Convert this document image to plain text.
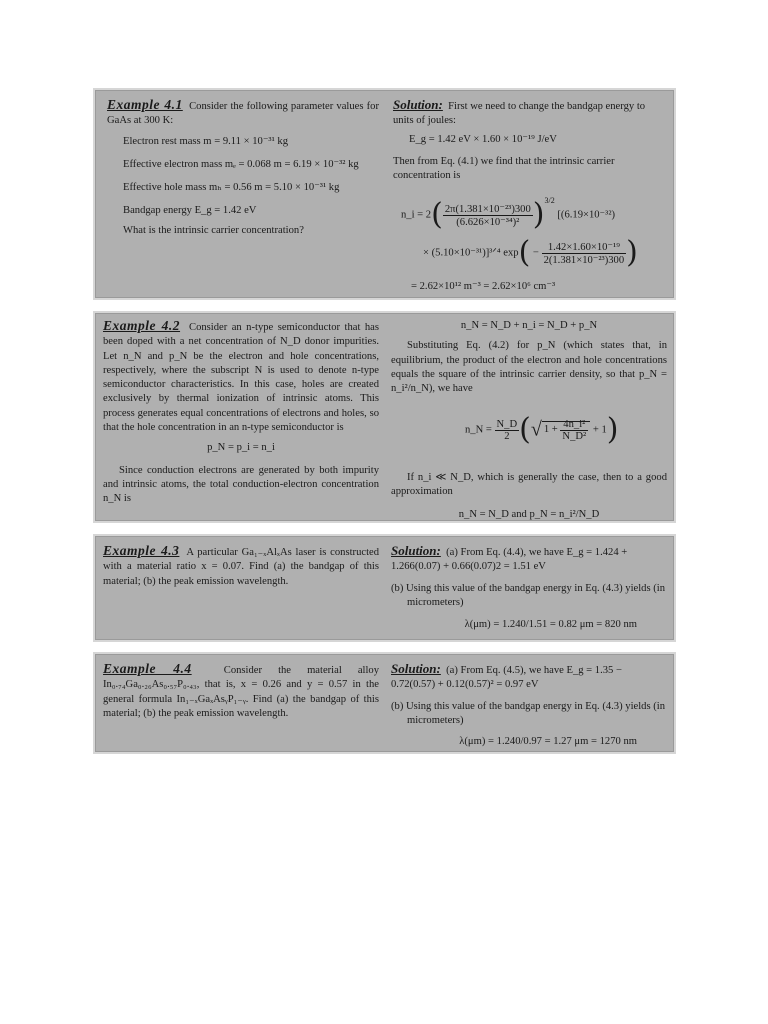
Example 4.1 Consider the following parameter values for GaAs at 300 K:
Electron rest mass m = 9.11 × 10⁻³¹ kg
Effective electron mass mₑ = 0.068 m = 6.19 × 10⁻³² kg
Effective hole mass mₕ = 0.56 m = 5.10 × 10⁻³¹ kg
Bandgap energy E_g = 1.42 eV
What is the intrinsic carrier concentration?
Solution: First we need to change the bandgap energy to units of joules:
E_g = 1.42 eV × 1.60 × 10⁻¹⁹ J/eV
Then from Eq. (4.1) we find that the intrinsic carrier concentration is
n_i = $2( \frac{\text{2π(1.381×10⁻²³)300}}{\text{(6.626×10⁻³⁴)²}} )^{3/2}$ [(6.19×10⁻³²)
× (5.10×10⁻³¹)]³ᐟ⁴ $\exp( - \frac{\text{1.42×1.60×10⁻¹⁹}}{\text{2(1.381×10⁻²³)300}}$ )
= 2.62×10¹² m⁻³ = 2.62×10⁶ cm⁻³
Example 4.2 Consider an n-type semiconductor that has been doped with a net concentration of N_D donor impurities. Let n_N and p_N be the electron and hole concentrations, respectively, where the subscript N is used to denote n-type semiconductor characteristics. In this case, holes are created exclusively by thermal ionization of intrinsic atoms. This process generates equal concentrations of electrons and holes, so that the hole concentration in an n-type semiconductor is
p_N = p_i = n_i
Since conduction electrons are generated by both impurity and intrinsic atoms, the total conduction-electron concentration n_N is
n_N = N_D + n_i = N_D + p_N
Substituting Eq. (4.2) for p_N (which states that, in equilibrium, the product of the electron and hole concentrations equals the square of the intrinsic carrier density, so that p_N = n_i²/n_N), we have
n_N = $\frac{N\_D}{2}$ (√ $1 + \frac{\text{4n\_i²}}{\text{N\_D²}} + 1$)
If n_i ≪ N_D, which is generally the case, then to a good approximation
n_N = N_D and p_N = n_i²/N_D
Example 4.3 A particular Ga₁₋ₓAlₓAs laser is constructed with a material ratio x = 0.07. Find (a) the bandgap of this material; (b) the peak emission wavelength.
Solution: (a) From Eq. (4.4), we have E_g = 1.424 + 1.266(0.07) + 0.66(0.07)2 = 1.51 eV
(b) Using this value of the bandgap energy in Eq. (4.3) yields (in micrometers)
λ(μm) = 1.240/1.51 = 0.82 μm = 820 nm
Example 4.4	Consider the material alloy In₀.₇₄Ga₀.₂₆As₀.₅₇P₀.₄₃, that is, x = 0.26 and y = 0.57 in the general formula In₁₋ₓGaₓAsᵧP₁₋ᵧ. Find (a) the bandgap of this material; (b) the peak emission wavelength.
Solution: (a) From Eq. (4.5), we have E_g = 1.35 − 0.72(0.57) + 0.12(0.57)² = 0.97 eV
(b) Using this value of the bandgap energy in Eq. (4.3) yields (in micrometers)
λ(μm) = 1.240/0.97 = 1.27 μm = 1270 nm
